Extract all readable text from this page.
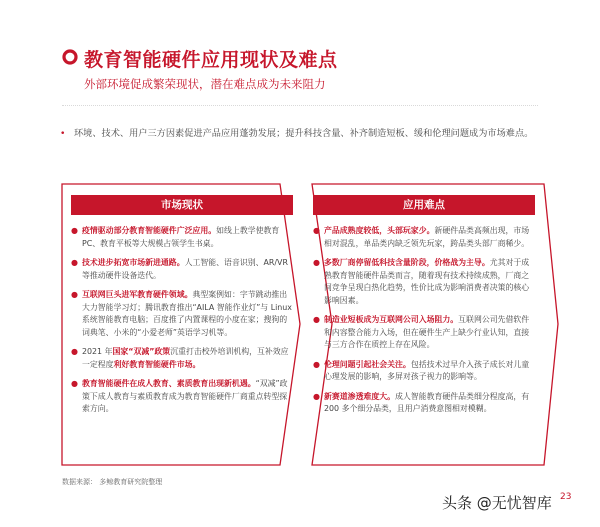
教育智能硬件应用现状及难点
外部环境促成繁荣现状，潜在难点成为未来阻力
• 环境、技术、用户三方因素促进产品应用蓬勃发展；提升科技含量、补齐制造短板、缓和伦理问题成为市场难点。
市场现状
● 疫情驱动部分教育智能硬件广泛应用。如线上教学使教育 PC、教育平板等大规模占领学生书桌。
● 技术进步拓宽市场新进通路。人工智能、语音识别、AR/VR 等推动硬件设备迭代。
● 互联网巨头进军教育硬件领域。典型案例如：字节跳动推出大力智能学习灯；腾讯教育推出“AILA 智能作业灯”与 Linux 系统智能教育电脑；百度推了内置课程的小度在家；搜狗的词典笔、小米的“小爱老师”英语学习机等。
● 2021 年国家“双减”政策沉重打击校外培训机构，互补效应一定程度利好教育智能硬件市场。
● 教育智能硬件在成人教育、素质教育出现新机遇。“双减”政策下成人教育与素质教育成为教育智能硬件厂商重点转型探索方向。
应用难点
● 产品成熟度较低，头部玩家少。新硬件品类高频出现，市场相对混乱，单品类内缺乏领先玩家，跨品类头部厂商稀少。
● 多数厂商停留低科技含量阶段，价格战为主导。尤其对于成熟教育智能硬件品类而言，随着现有技术持续成熟，厂商之间竞争呈现白热化趋势，性价比成为影响消费者决策的核心影响因素。
● 制造业短板成为互联网公司入场阻力。互联网公司先借软件和内容整合能力入场，但在硬件生产上缺少行业认知，直接与三方合作在质控上存在风险。
● 伦理问题引起社会关注。包括技术过早介入孩子成长对儿童心理发展的影响，多屏对孩子视力的影响等。
● 新赛道渗透难度大。成人智能教育硬件品类细分程度高，有 200 多个细分品类，且用户消费意图相对模糊。
数据来源： 多鲸教育研究院整理
23
头条 @无忧智库
